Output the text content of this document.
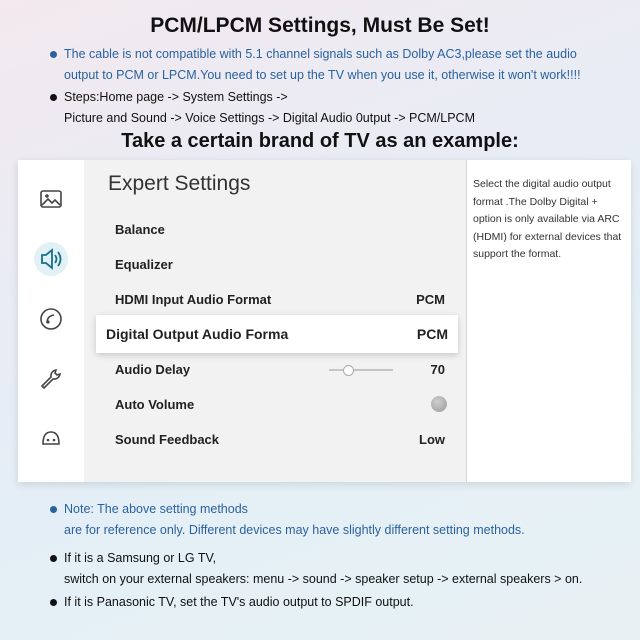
PCM/LPCM Settings, Must Be Set!
The cable is not compatible with 5.1 channel signals such as Dolby AC3,please set the audio
output to PCM or LPCM.You need to set up the TV when you use it, otherwise it won't work!!!!
Steps:Home page -> System Settings ->
Picture and Sound -> Voice Settings -> Digital Audio 0utput -> PCM/LPCM
Take a certain brand of TV as an example:
Expert Settings
Balance
Equalizer
HDMI Input Audio Format	PCM
Digital Output Audio Forma	PCM
Audio Delay	70
Auto Volume
Sound Feedback	Low
Select the digital audio output format .The Dolby Digital + option is only available via ARC (HDMI) for external devices that support the format.
Note: The above setting methods
are for reference only. Different devices may have slightly different setting methods.
If it is a Samsung or LG TV,
switch on your external speakers: menu -> sound -> speaker setup -> external speakers > on.
If it is Panasonic TV, set the TV's audio output to SPDIF output.
